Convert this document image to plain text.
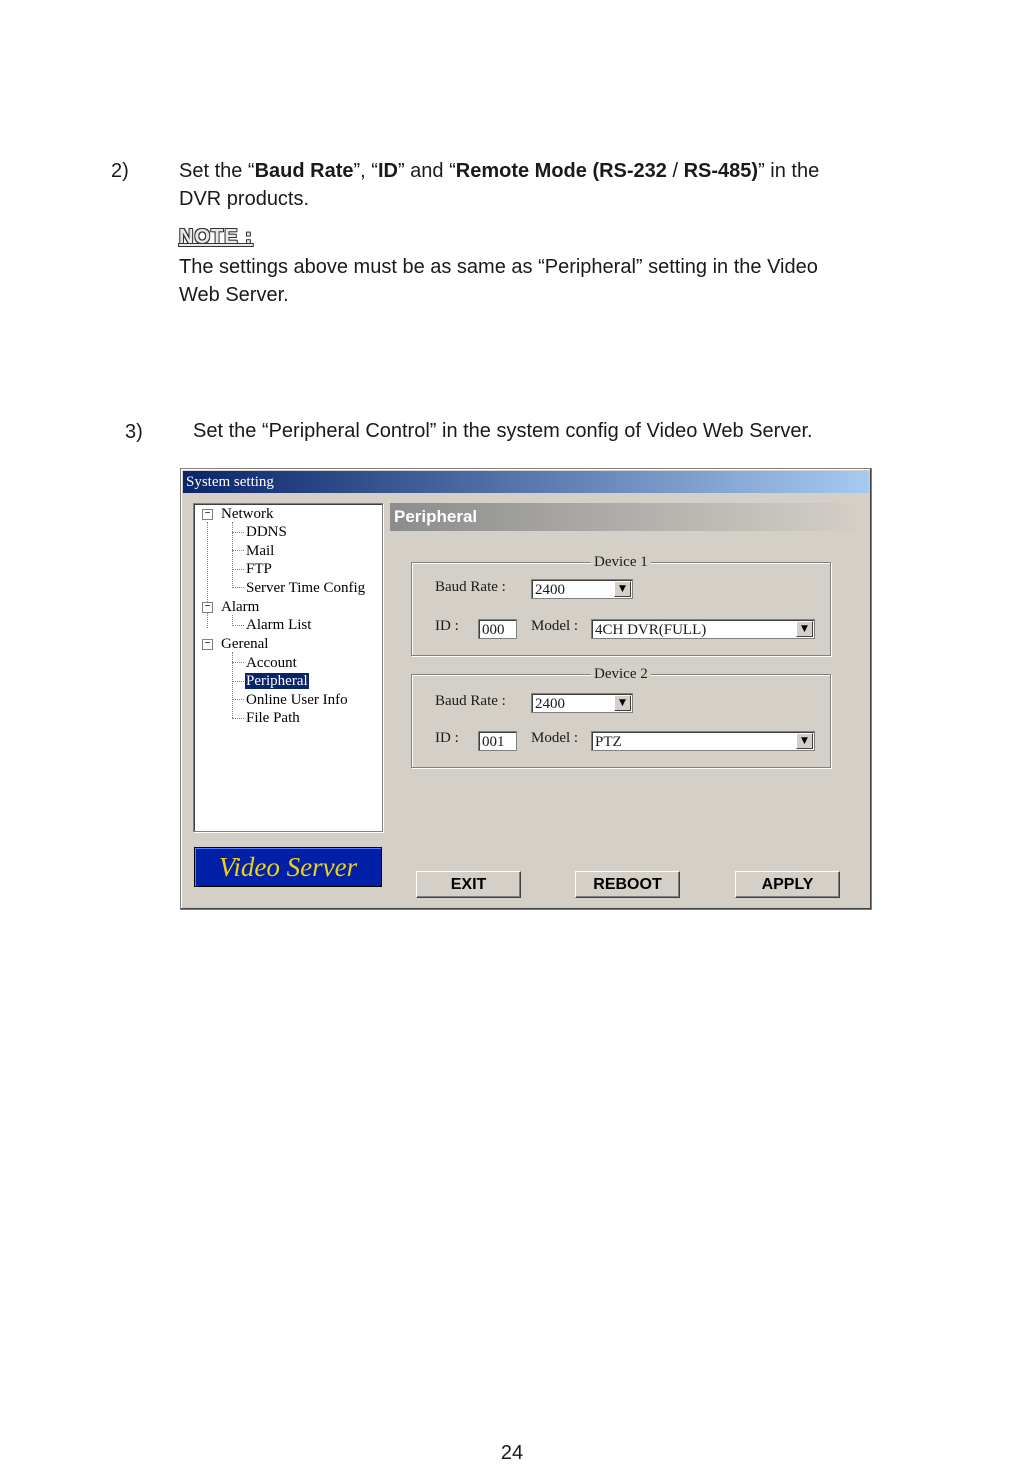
2)	Set the “Baud Rate”, “ID” and “Remote Mode (RS-232 / RS-485)” in the
DVR products.
NOTE :
The settings above must be as same as “Peripheral” setting in the Video
Web Server.
3)	Set the “Peripheral Control” in the system config of Video Web Server.
System setting
− Network
DDNS
Mail
FTP
Server Time Config
− Alarm
Alarm List
− Gerenal
Account
Peripheral
Online User Info
File Path
Video Server
Peripheral
Device 1
Baud Rate : 2400	▼
ID : 000	Model : 4CH DVR(FULL)	▼
Device 2
Baud Rate : 2400	▼
ID : 001	Model : PTZ	▼
EXIT	REBOOT	APPLY
24
